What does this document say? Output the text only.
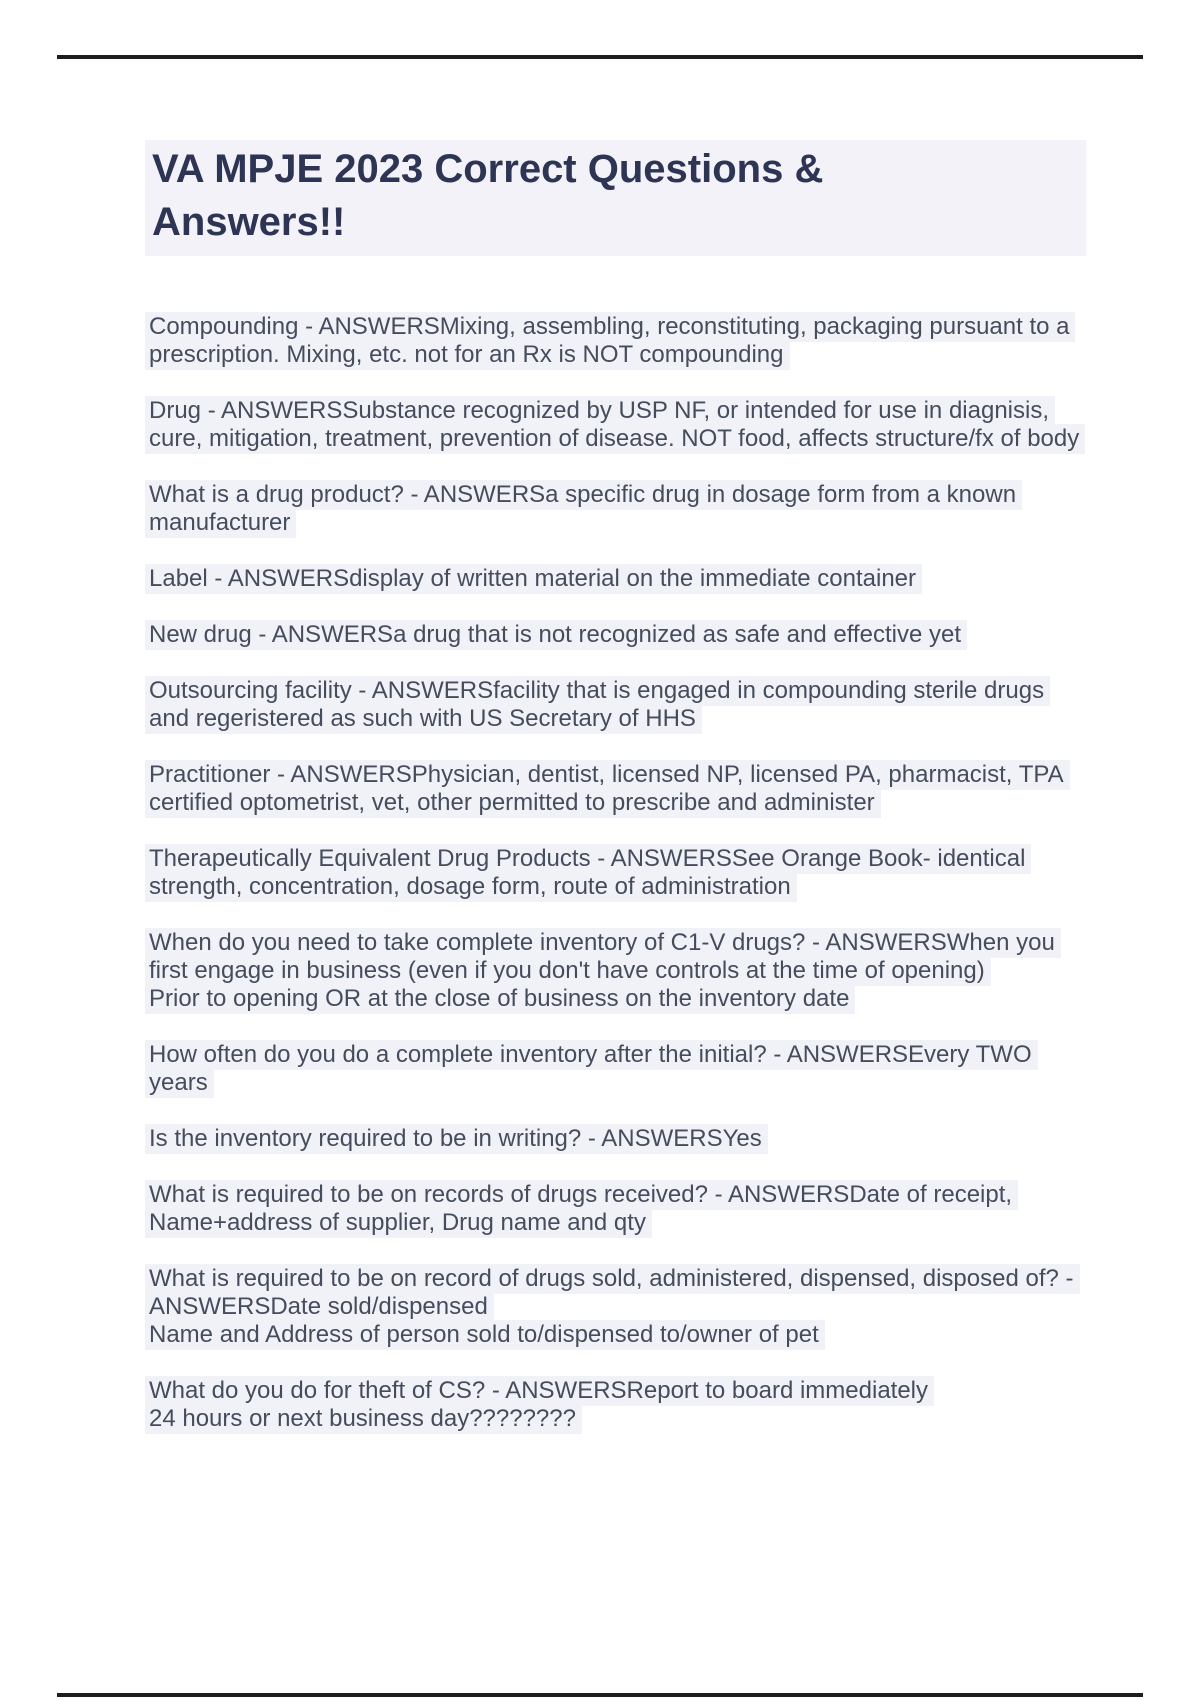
VA MPJE 2023 Correct Questions &
Answers!!

Compounding - ANSWERSMixing, assembling, reconstituting, packaging pursuant to a
prescription. Mixing, etc. not for an Rx is NOT compounding

Drug - ANSWERSSubstance recognized by USP NF, or intended for use in diagnisis,
cure, mitigation, treatment, prevention of disease. NOT food, affects structure/fx of body

What is a drug product? - ANSWERSa specific drug in dosage form from a known
manufacturer

Label - ANSWERSdisplay of written material on the immediate container

New drug - ANSWERSa drug that is not recognized as safe and effective yet

Outsourcing facility - ANSWERSfacility that is engaged in compounding sterile drugs
and regeristered as such with US Secretary of HHS

Practitioner - ANSWERSPhysician, dentist, licensed NP, licensed PA, pharmacist, TPA
certified optometrist, vet, other permitted to prescribe and administer

Therapeutically Equivalent Drug Products - ANSWERSSee Orange Book- identical
strength, concentration, dosage form, route of administration

When do you need to take complete inventory of C1-V drugs? - ANSWERSWhen you
first engage in business (even if you don't have controls at the time of opening)
Prior to opening OR at the close of business on the inventory date

How often do you do a complete inventory after the initial? - ANSWERSEvery TWO
years

Is the inventory required to be in writing? - ANSWERSYes

What is required to be on records of drugs received? - ANSWERSDate of receipt,
Name+address of supplier, Drug name and qty

What is required to be on record of drugs sold, administered, dispensed, disposed of? -
ANSWERSDate sold/dispensed
Name and Address of person sold to/dispensed to/owner of pet

What do you do for theft of CS? - ANSWERSReport to board immediately
24 hours or next business day????????
